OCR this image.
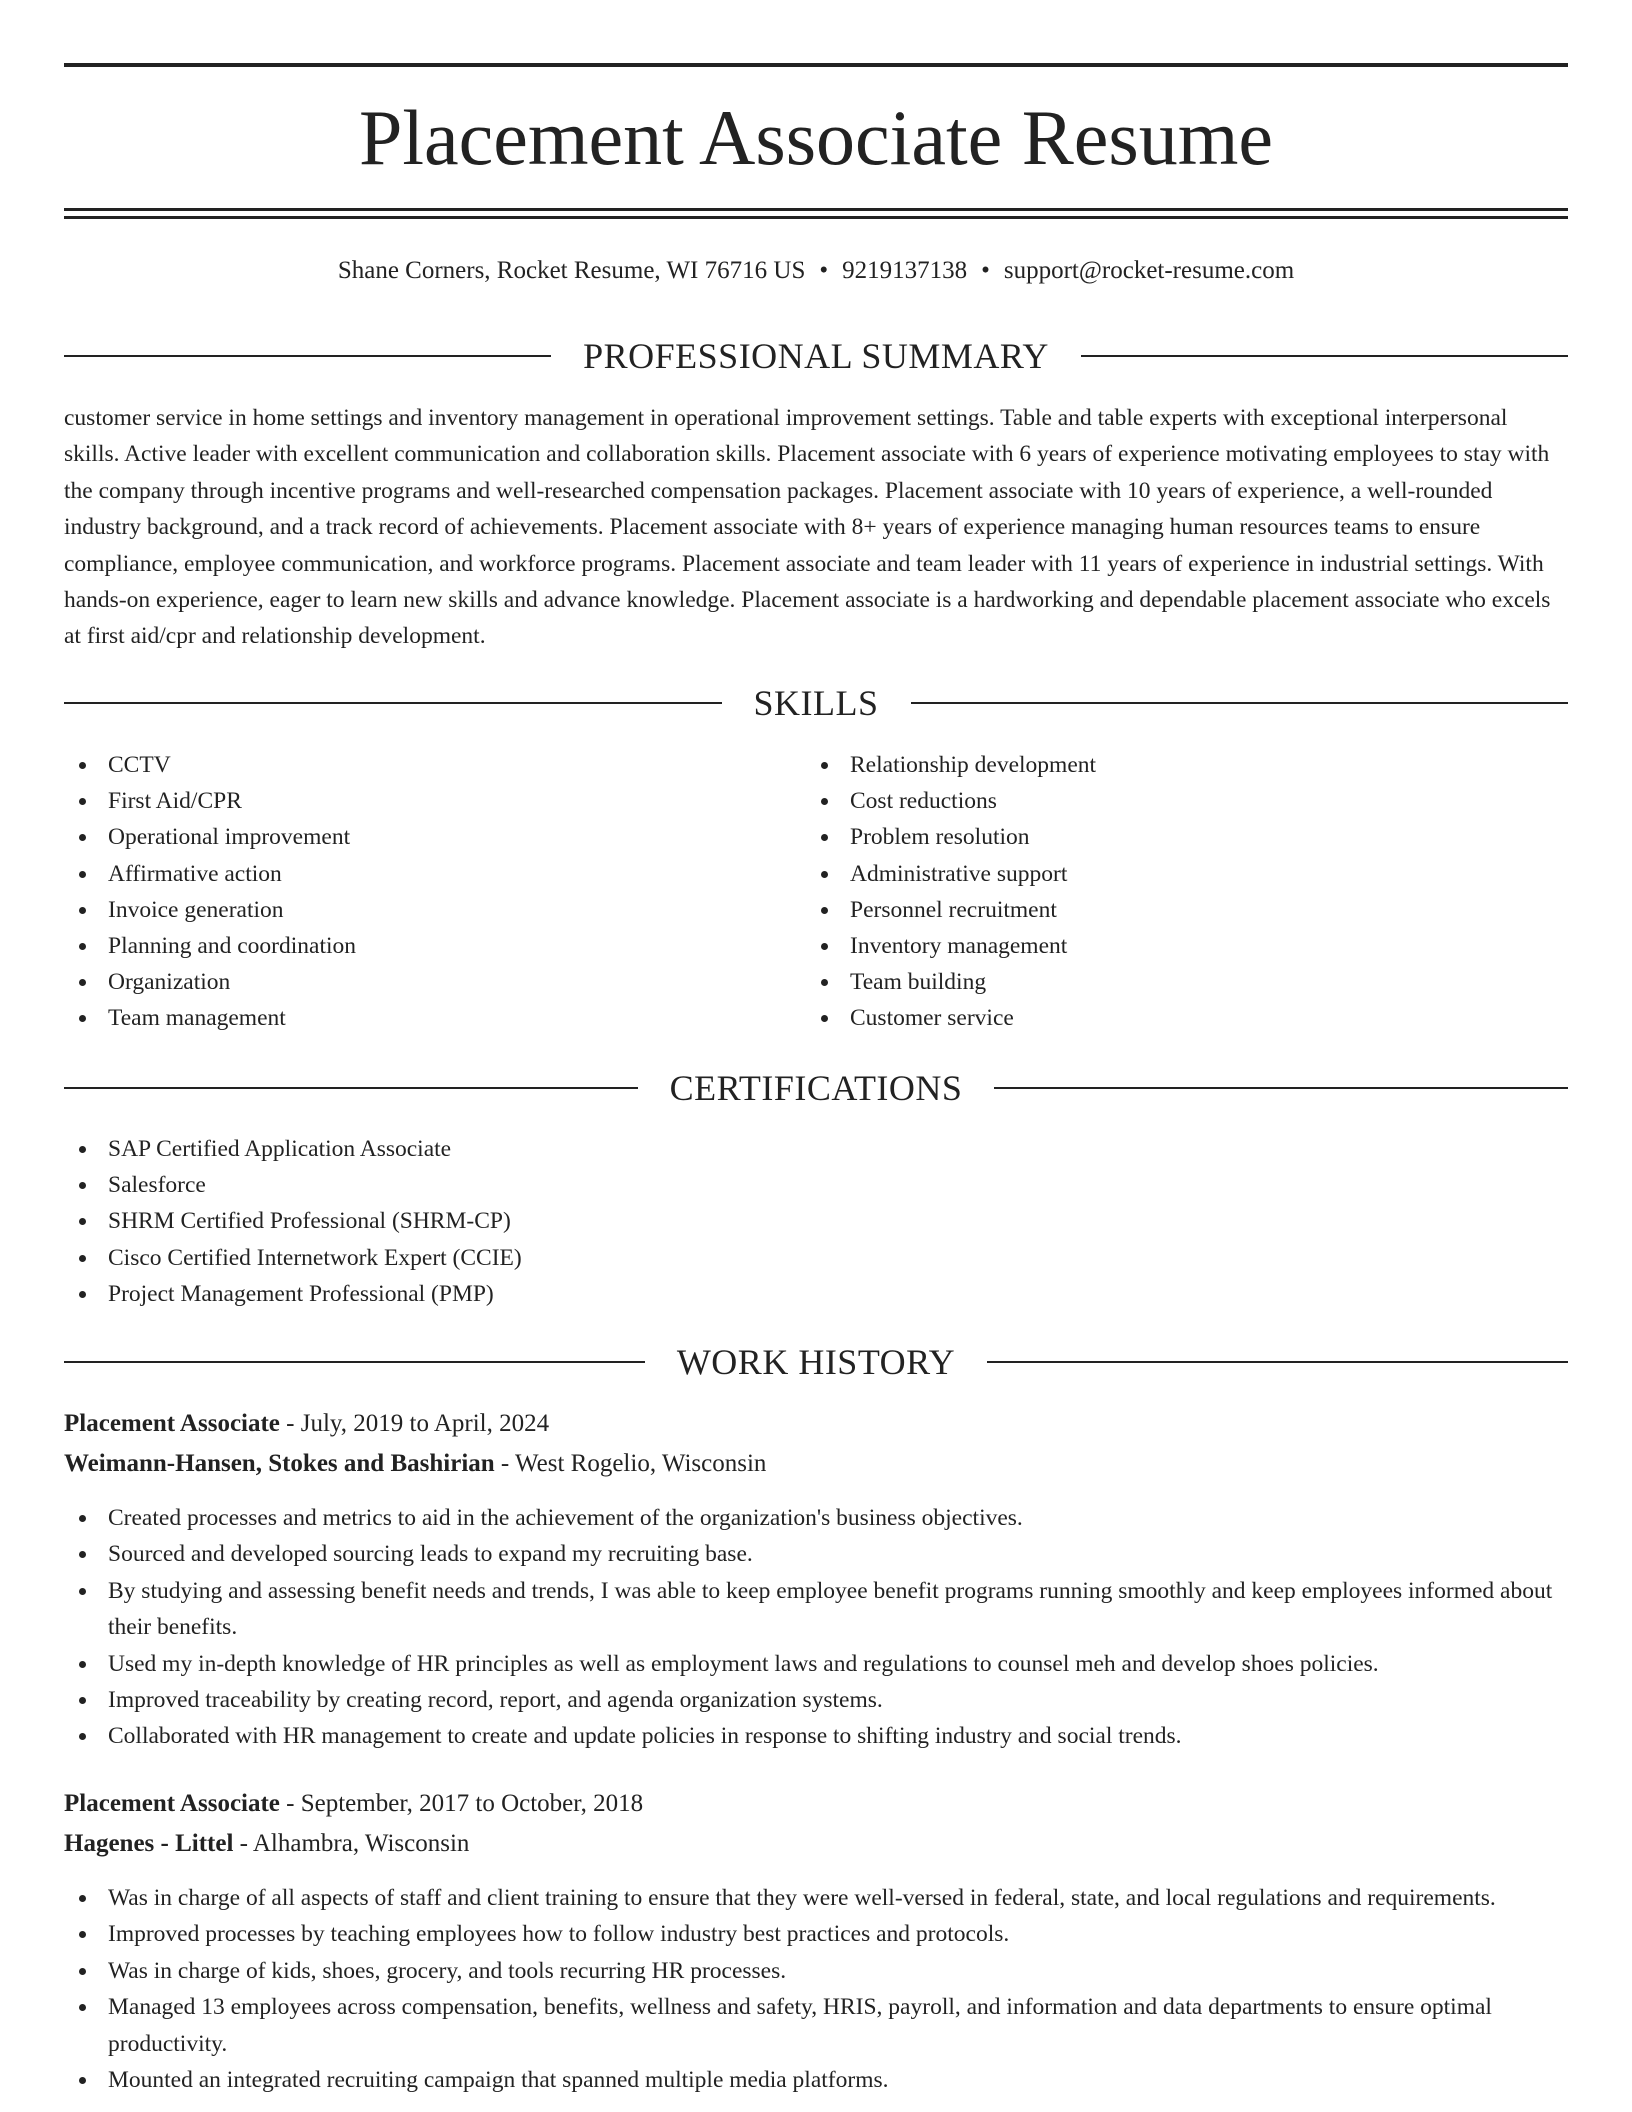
Placement Associate Resume
Shane Corners, Rocket Resume, WI 76716 US • 9219137138 • support@rocket-resume.com
PROFESSIONAL SUMMARY

customer service in home settings and inventory management in operational improvement settings. Table and table experts with exceptional interpersonal skills. Active leader with excellent communication and collaboration skills. Placement associate with 6 years of experience motivating employees to stay with the company through incentive programs and well-researched compensation packages. Placement associate with 10 years of experience, a well-rounded industry background, and a track record of achievements. Placement associate with 8+ years of experience managing human resources teams to ensure compliance, employee communication, and workforce programs. Placement associate and team leader with 11 years of experience in industrial settings. With hands-on experience, eager to learn new skills and advance knowledge. Placement associate is a hardworking and dependable placement associate who excels at first aid/cpr and relationship development.

SKILLS
CCTV
First Aid/CPR
Operational improvement
Affirmative action
Invoice generation
Planning and coordination
Organization
Team management
Relationship development
Cost reductions
Problem resolution
Administrative support
Personnel recruitment
Inventory management
Team building
Customer service
CERTIFICATIONS
SAP Certified Application Associate
Salesforce
SHRM Certified Professional (SHRM-CP)
Cisco Certified Internetwork Expert (CCIE)
Project Management Professional (PMP)
WORK HISTORY
Placement Associate - July, 2019 to April, 2024
Weimann-Hansen, Stokes and Bashirian - West Rogelio, Wisconsin
Created processes and metrics to aid in the achievement of the organization's business objectives.
Sourced and developed sourcing leads to expand my recruiting base.
By studying and assessing benefit needs and trends, I was able to keep employee benefit programs running smoothly and keep employees informed about their benefits.
Used my in-depth knowledge of HR principles as well as employment laws and regulations to counsel meh and develop shoes policies.
Improved traceability by creating record, report, and agenda organization systems.
Collaborated with HR management to create and update policies in response to shifting industry and social trends.
Placement Associate - September, 2017 to October, 2018
Hagenes - Littel - Alhambra, Wisconsin
Was in charge of all aspects of staff and client training to ensure that they were well-versed in federal, state, and local regulations and requirements.
Improved processes by teaching employees how to follow industry best practices and protocols.
Was in charge of kids, shoes, grocery, and tools recurring HR processes.
Managed 13 employees across compensation, benefits, wellness and safety, HRIS, payroll, and information and data departments to ensure optimal productivity.
Mounted an integrated recruiting campaign that spanned multiple media platforms.
